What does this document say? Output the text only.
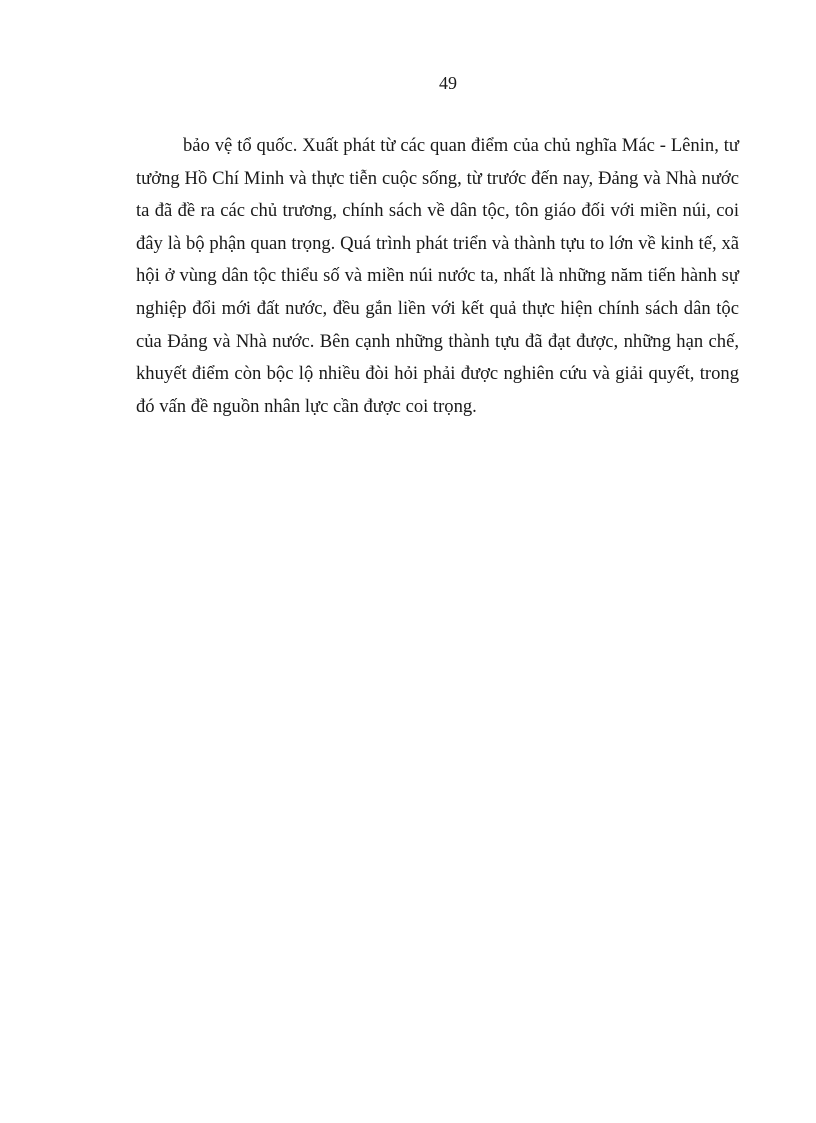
49

bảo vệ tổ quốc. Xuất phát từ các quan điểm của chủ nghĩa Mác - Lênin, tư tưởng Hồ Chí Minh và thực tiễn cuộc sống, từ trước đến nay, Đảng và Nhà nước ta đã đề ra các chủ trương, chính sách về dân tộc, tôn giáo đối với miền núi, coi đây là bộ phận quan trọng. Quá trình phát triển và thành tựu to lớn về kinh tế, xã hội ở vùng dân tộc thiểu số và miền núi nước ta, nhất là những năm tiến hành sự nghiệp đổi mới đất nước, đều gắn liền với kết quả thực hiện chính sách dân tộc của Đảng và Nhà nước. Bên cạnh những thành tựu đã đạt được, những hạn chế, khuyết điểm còn bộc lộ nhiều đòi hỏi phải được nghiên cứu và giải quyết, trong đó vấn đề nguồn nhân lực cần được coi trọng.
